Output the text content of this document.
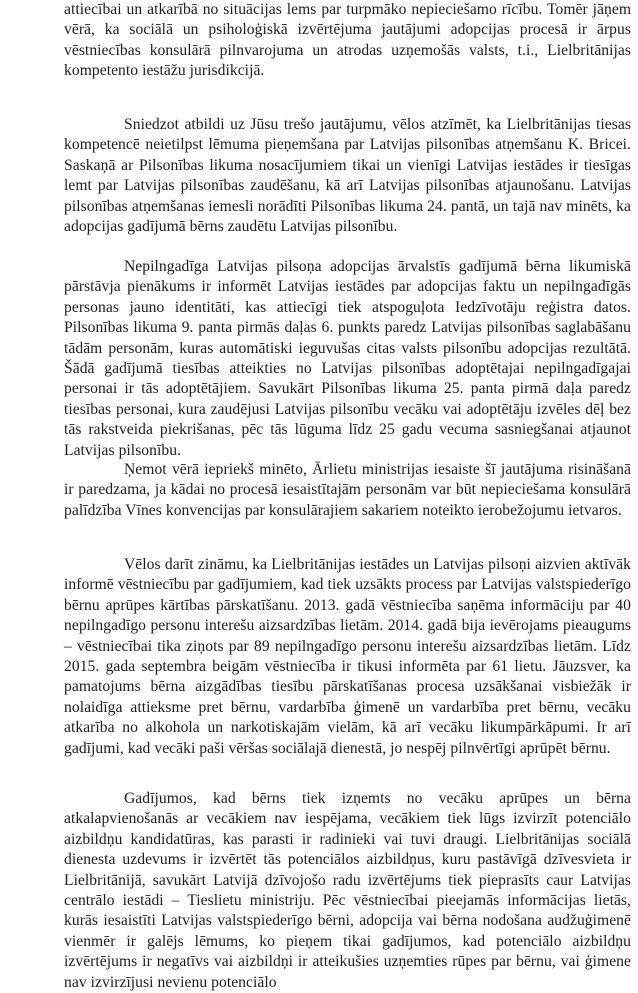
attiecībai un atkarībā no situācijas lems par turpmāko nepieciešamo rīcību. Tomēr jāņem vērā, ka sociālā un psiholoģiskā izvērtējuma jautājumi adopcijas procesā ir ārpus vēstniecības konsulārā pilnvarojuma un atrodas uzņemošās valsts, t.i., Lielbritānijas kompetento iestāžu jurisdikcijā.

Sniedzot atbildi uz Jūsu trešo jautājumu, vēlos atzīmēt, ka Lielbritānijas tiesas kompetencē neietilpst lēmuma pieņemšana par Latvijas pilsonības atņemšanu K. Bricei. Saskaņā ar Pilsonības likuma nosacījumiem tikai un vienīgi Latvijas iestādes ir tiesīgas lemt par Latvijas pilsonības zaudēšanu, kā arī Latvijas pilsonības atjaunošanu. Latvijas pilsonības atņemšanas iemesli norādīti Pilsonības likuma 24. pantā, un tajā nav minēts, ka adopcijas gadījumā bērns zaudētu Latvijas pilsonību.

Nepilngadīga Latvijas pilsoņa adopcijas ārvalstīs gadījumā bērna likumiskā pārstāvja pienākums ir informēt Latvijas iestādes par adopcijas faktu un nepilngadīgās personas jauno identitāti, kas attiecīgi tiek atspoguļota Iedzīvotāju reģistra datos. Pilsonības likuma 9. panta pirmās daļas 6. punkts paredz Latvijas pilsonības saglabāšanu tādām personām, kuras automātiski ieguvušas citas valsts pilsonību adopcijas rezultātā. Šādā gadījumā tiesības atteikties no Latvijas pilsonības adoptētajai nepilngadīgajai personai ir tās adoptētājiem. Savukārt Pilsonības likuma 25. panta pirmā daļa paredz tiesības personai, kura zaudējusi Latvijas pilsonību vecāku vai adoptētāju izvēles dēļ bez tās rakstveida piekrišanas, pēc tās lūguma līdz 25 gadu vecuma sasniegšanai atjaunot Latvijas pilsonību.

Ņemot vērā iepriekš minēto, Ārlietu ministrijas iesaiste šī jautājuma risināšanā ir paredzama, ja kādai no procesā iesaistītajām personām var būt nepieciešama konsulārā palīdzība Vīnes konvencijas par konsulārajiem sakariem noteikto ierobežojumu ietvaros.

Vēlos darīt zināmu, ka Lielbritānijas iestādes un Latvijas pilsoņi aizvien aktīvāk informē vēstniecību par gadījumiem, kad tiek uzsākts process par Latvijas valstspiederīgo bērnu aprūpes kārtības pārskatīšanu. 2013. gadā vēstniecība saņēma informāciju par 40 nepilngadīgo personu interešu aizsardzības lietām. 2014. gadā bija ievērojams pieaugums – vēstniecībai tika ziņots par 89 nepilngadīgo personu interešu aizsardzības lietām. Līdz 2015. gada septembra beigām vēstniecība ir tikusi informēta par 61 lietu. Jāuzsver, ka pamatojums bērna aizgādības tiesību pārskatīšanas procesa uzsākšanai visbiežāk ir nolaidīga attieksme pret bērnu, vardarbība ģimenē un vardarbība pret bērnu, vecāku atkarība no alkohola un narkotiskajām vielām, kā arī vecāku likumpārkāpumi. Ir arī gadījumi, kad vecāki paši vēršas sociālajā dienestā, jo nespēj pilnvērtīgi aprūpēt bērnu.

Gadījumos, kad bērns tiek izņemts no vecāku aprūpes un bērna atkalapvienošanās ar vecākiem nav iespējama, vecākiem tiek lūgs izvirzīt potenciālo aizbildņu kandidatūras, kas parasti ir radinieki vai tuvi draugi. Lielbritānijas sociālā dienesta uzdevums ir izvērtēt tās potenciālos aizbildņus, kuru pastāvīgā dzīvesvieta ir Lielbritānijā, savukārt Latvijā dzīvojošo radu izvērtējums tiek pieprasīts caur Latvijas centrālo iestādi – Tieslietu ministriju. Pēc vēstniecībai pieejamās informācijas lietās, kurās iesaistīti Latvijas valstspiederīgo bērni, adopcija vai bērna nodošana audžuģimenē vienmēr ir galējs lēmums, ko pieņem tikai gadījumos, kad potenciālo aizbildņu izvērtējums ir negatīvs vai aizbildņi ir atteikušies uzņemties rūpes par bērnu, vai ģimene nav izvirzījusi nevienu potenciālo
